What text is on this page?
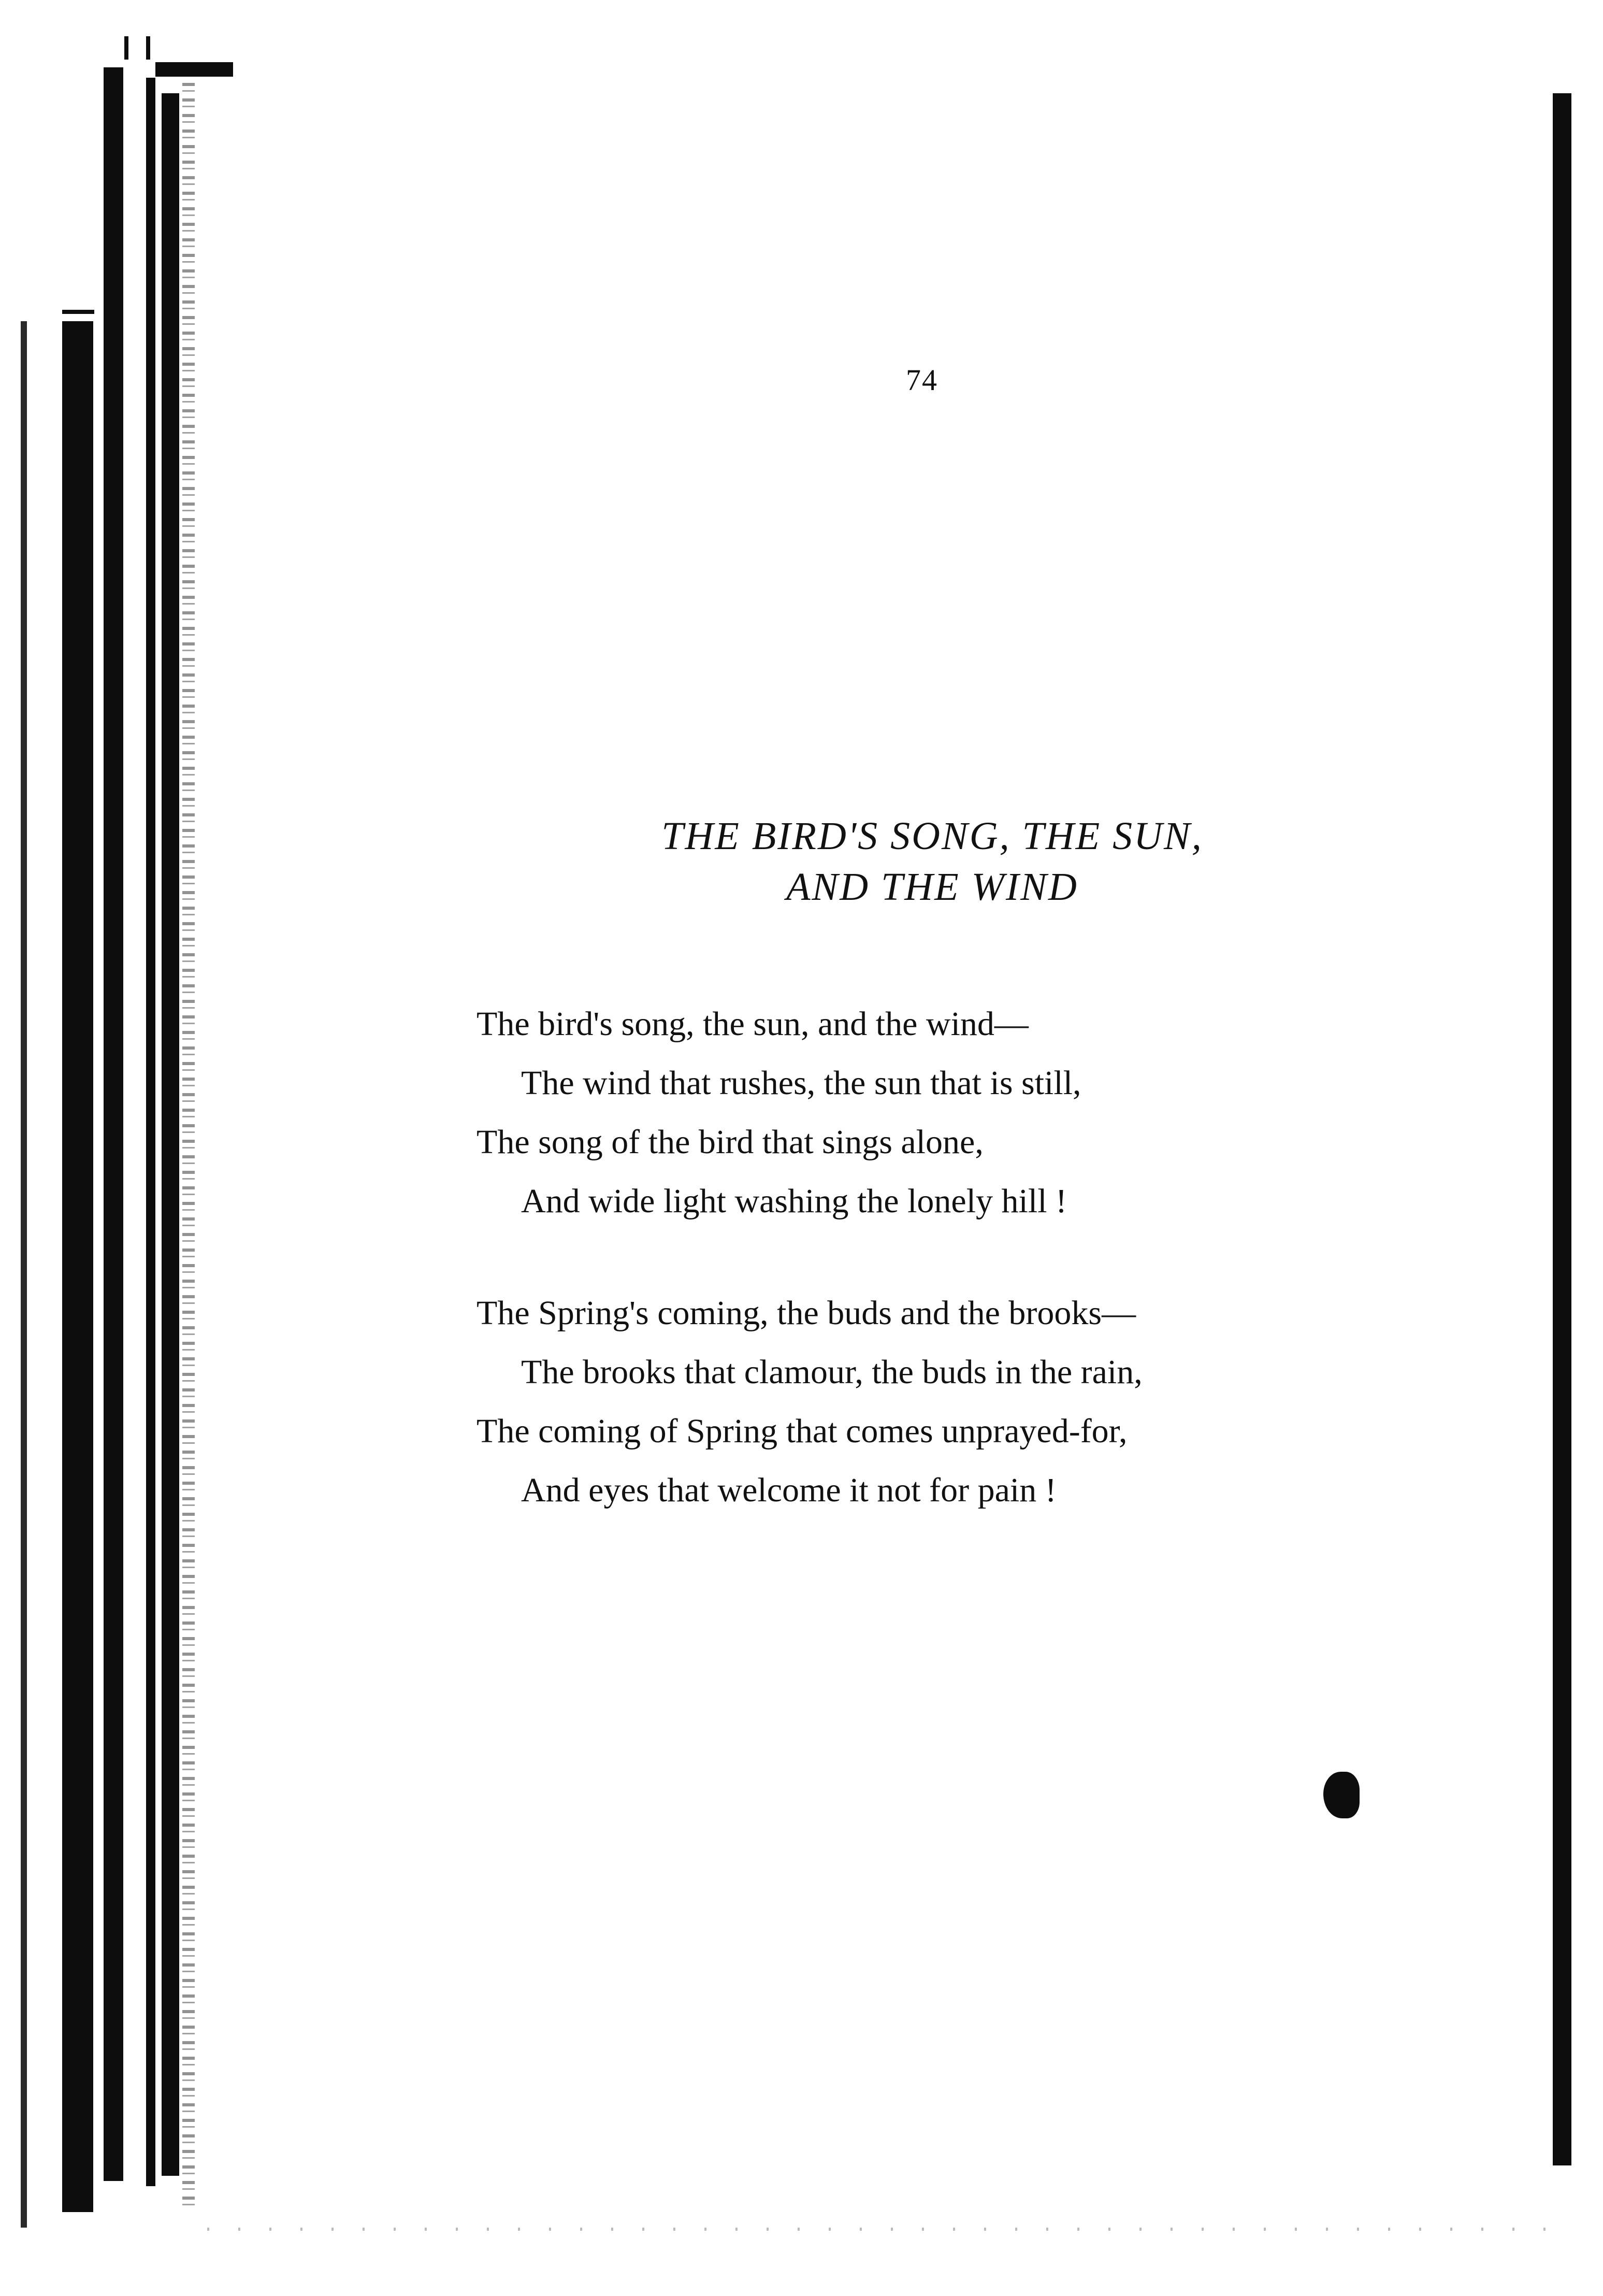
74
THE BIRD'S SONG, THE SUN,
AND THE WIND
The bird's song, the sun, and the wind—
The wind that rushes, the sun that is still,
The song of the bird that sings alone,
And wide light washing the lonely hill !
The Spring's coming, the buds and the brooks—
The brooks that clamour, the buds in the rain,
The coming of Spring that comes unprayed-for,
And eyes that welcome it not for pain !
